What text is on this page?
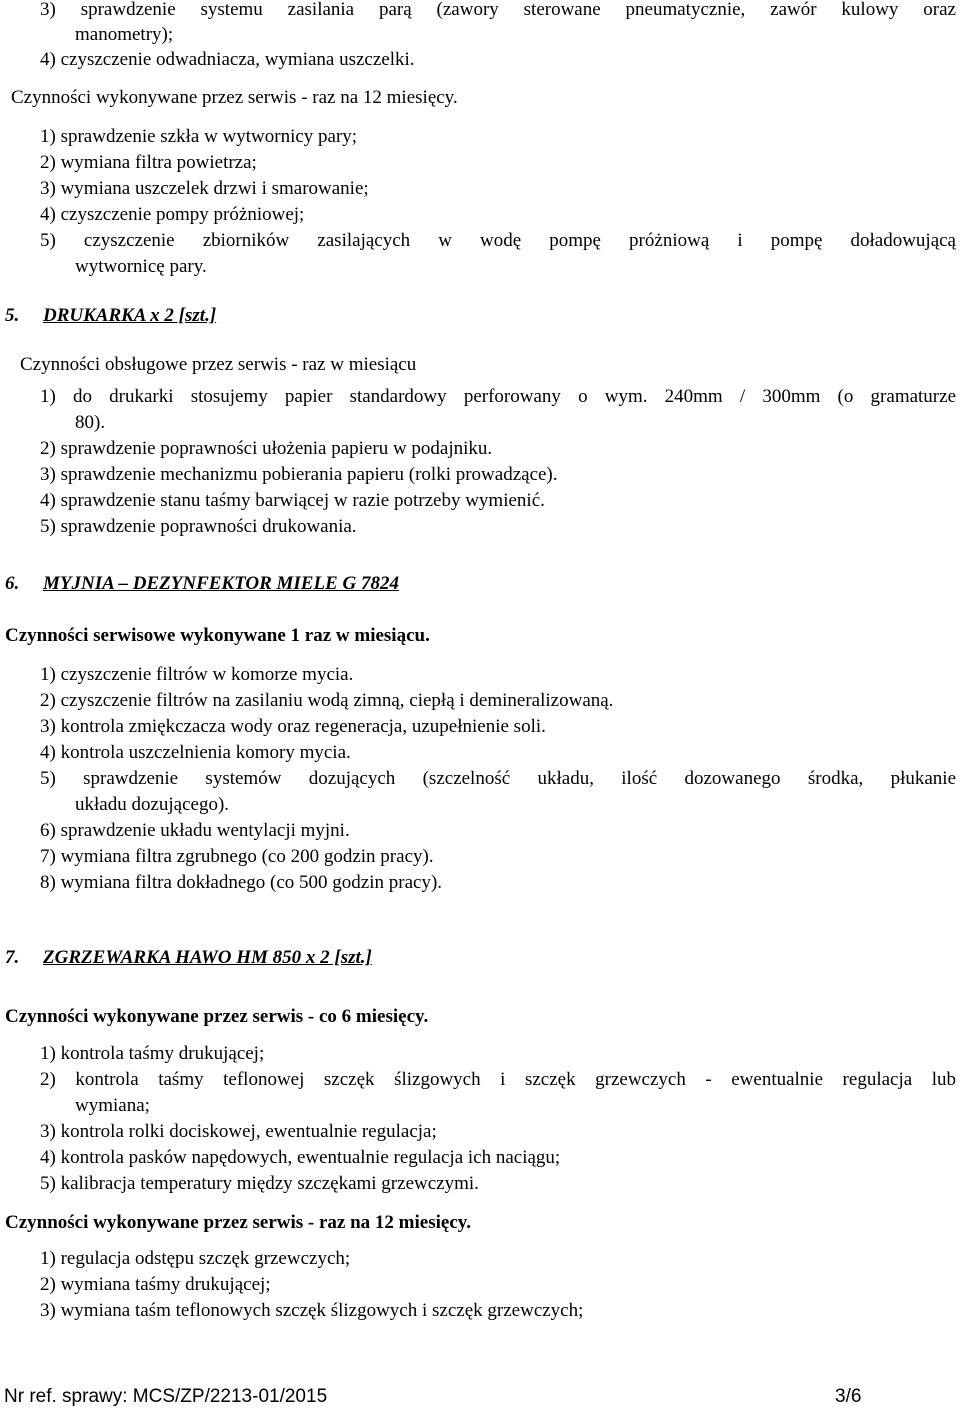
3) sprawdzenie systemu zasilania parą (zawory sterowane pneumatycznie, zawór kulowy oraz
manometry);
4) czyszczenie odwadniacza, wymiana uszczelki.
Czynności wykonywane przez serwis - raz na 12 miesięcy.
1) sprawdzenie szkła w wytwornicy pary;
2) wymiana filtra powietrza;
3) wymiana uszczelek drzwi i smarowanie;
4) czyszczenie pompy próżniowej;
5) czyszczenie zbiorników zasilających w wodę pompę próżniową i pompę doładowującą
wytwornicę pary.
5. DRUKARKA x 2 [szt.]
Czynności obsługowe przez serwis - raz w miesiącu
1) do drukarki stosujemy papier standardowy perforowany o wym. 240mm / 300mm (o gramaturze
80).
2) sprawdzenie poprawności ułożenia papieru w podajniku.
3) sprawdzenie mechanizmu pobierania papieru (rolki prowadzące).
4) sprawdzenie stanu taśmy barwiącej w razie potrzeby wymienić.
5) sprawdzenie poprawności drukowania.
6. MYJNIA – DEZYNFEKTOR MIELE G 7824
Czynności serwisowe wykonywane 1 raz w miesiącu.
1) czyszczenie filtrów w komorze mycia.
2) czyszczenie filtrów na zasilaniu wodą zimną, ciepłą i demineralizowaną.
3) kontrola zmiękczacza wody oraz regeneracja, uzupełnienie soli.
4) kontrola uszczelnienia komory mycia.
5) sprawdzenie systemów dozujących (szczelność układu, ilość dozowanego środka, płukanie
układu dozującego).
6) sprawdzenie układu wentylacji myjni.
7) wymiana filtra zgrubnego (co 200 godzin pracy).
8) wymiana filtra dokładnego (co 500 godzin pracy).
7. ZGRZEWARKA HAWO HM 850 x 2 [szt.]
Czynności wykonywane przez serwis - co 6 miesięcy.
1) kontrola taśmy drukującej;
2) kontrola taśmy teflonowej szczęk ślizgowych i szczęk grzewczych - ewentualnie regulacja lub
wymiana;
3) kontrola rolki dociskowej, ewentualnie regulacja;
4) kontrola pasków napędowych, ewentualnie regulacja ich naciągu;
5) kalibracja temperatury między szczękami grzewczymi.
Czynności wykonywane przez serwis - raz na 12 miesięcy.
1) regulacja odstępu szczęk grzewczych;
2) wymiana taśmy drukującej;
3) wymiana taśm teflonowych szczęk ślizgowych i szczęk grzewczych;
Nr ref. sprawy: MCS/ZP/2213-01/2015	3/6
